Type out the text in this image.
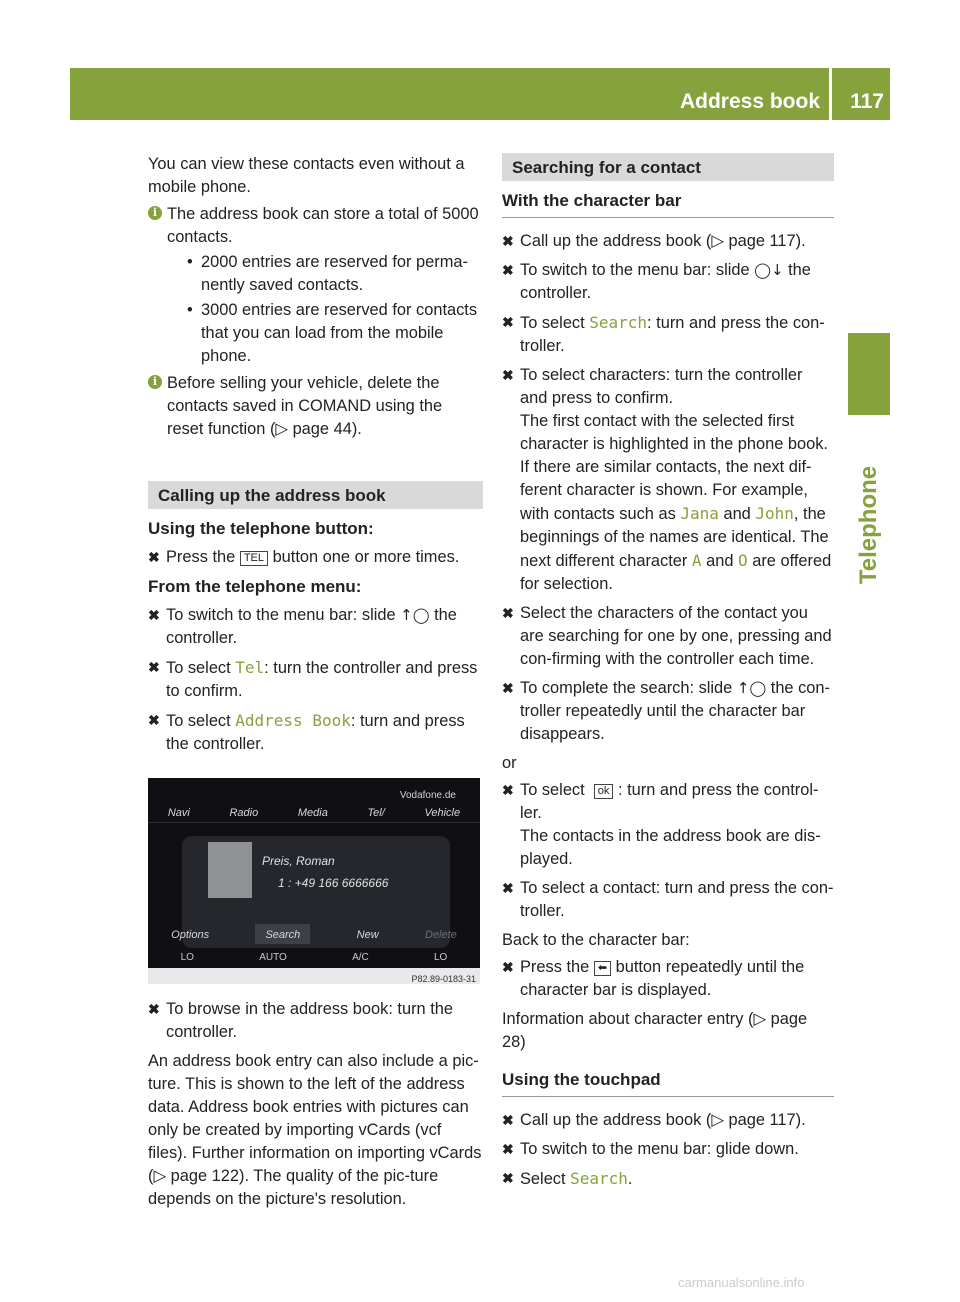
Address book 117
Telephone

You can view these contacts even without a mobile phone.

i The address book can store a total of 5000 contacts.
• 2000 entries are reserved for perma-nently saved contacts.
• 3000 entries are reserved for contacts that you can load from the mobile phone.
i Before selling your vehicle, delete the contacts saved in COMAND using the reset function (▷ page 44).
Calling up the address book
Using the telephone button:
✖ Press the TEL button one or more times.
From the telephone menu:
✖ To switch to the menu bar: slide ↑◯ the controller.
✖ To select Tel: turn the controller and press to confirm.
✖ To select Address Book: turn and press the controller.
Vodafone.de
Navi	Radio	Media	Tel/	Vehicle
Preis, Roman
1 : +49 166 6666666
Options	Search	New	Delete
LO	AUTO	A/C	LO
P82.89-0183-31
✖ To browse in the address book: turn the controller.

An address book entry can also include a pic-ture. This is shown to the left of the address data. Address book entries with pictures can only be created by importing vCards (vcf files). Further information on importing vCards (▷ page 122). The quality of the pic-ture depends on the picture's resolution.

Searching for a contact
With the character bar
✖ Call up the address book (▷ page 117).
✖ To switch to the menu bar: slide ◯↓ the controller.
✖ To select Search: turn and press the con-troller.
✖ To select characters: turn the controller and press to confirm.
The first contact with the selected first character is highlighted in the phone book. If there are similar contacts, the next dif-ferent character is shown. For example, with contacts such as Jana and John, the beginnings of the names are identical. The next different character A and O are offered for selection.
✖ Select the characters of the contact you are searching for one by one, pressing and con-firming with the controller each time.
✖ To complete the search: slide ↑◯ the con-troller repeatedly until the character bar disappears.

or

✖ To select ok : turn and press the control-ler.
The contacts in the address book are dis-played.
✖ To select a contact: turn and press the con-troller.

Back to the character bar:

✖ Press the ⬅ button repeatedly until the character bar is displayed.

Information about character entry (▷ page 28)

Using the touchpad
✖ Call up the address book (▷ page 117).
✖ To switch to the menu bar: glide down.
✖ Select Search.
carmanualsonline.info
